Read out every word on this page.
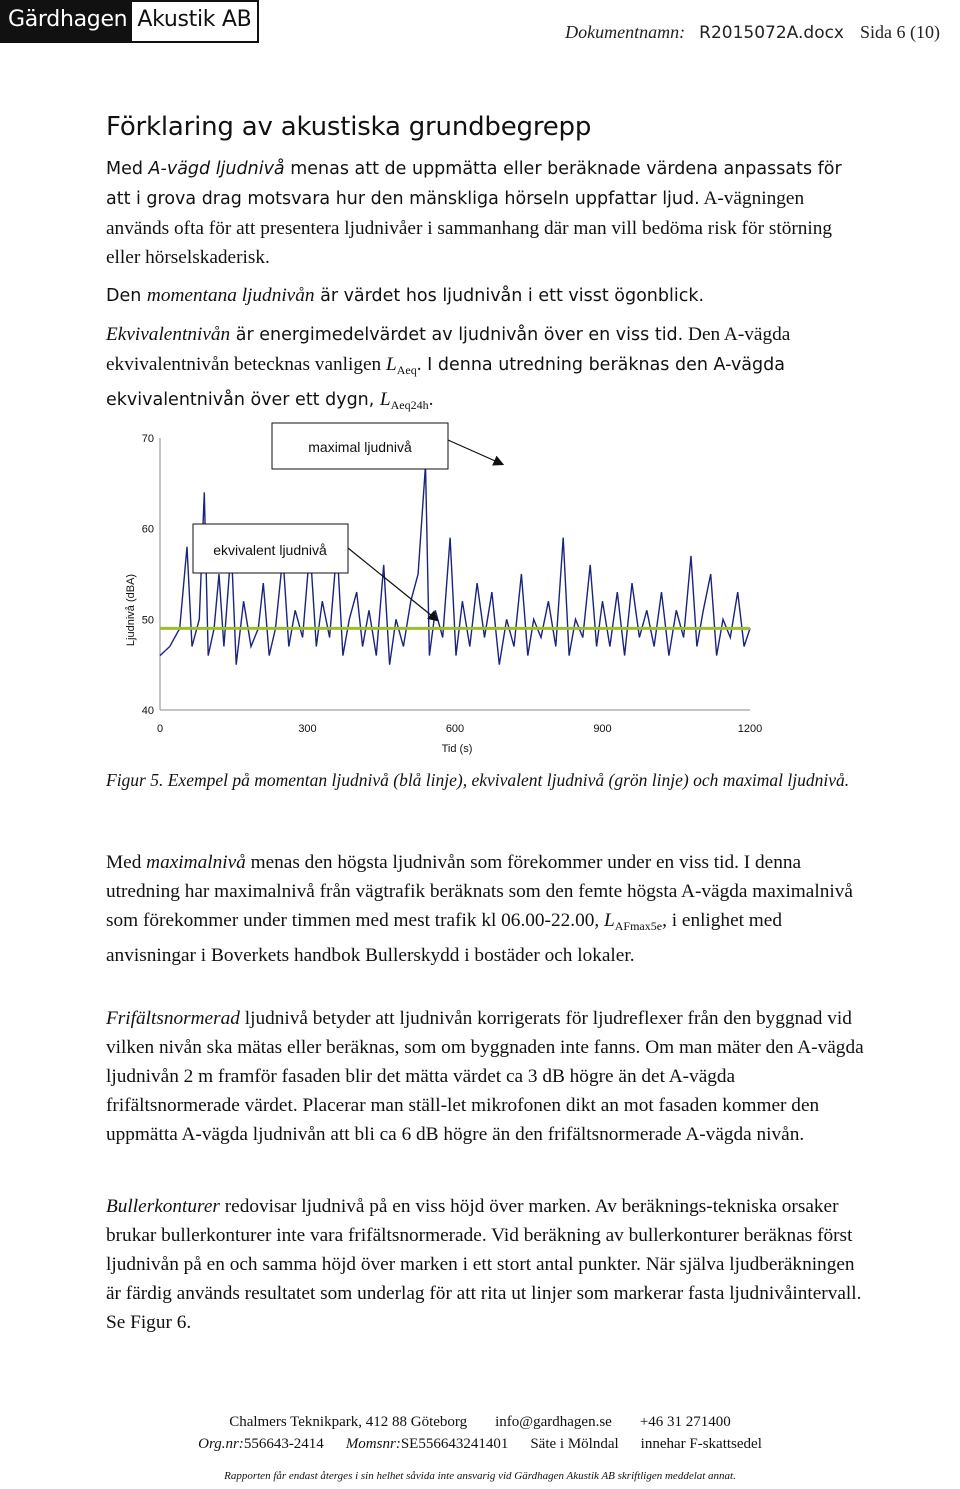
Gärdhagen Akustik AB	Dokumentnamn: R2015072A.docx Sida 6 (10)
Förklaring av akustiska grundbegrepp
Med A-vägd ljudnivå menas att de uppmätta eller beräknade värdena anpassats för att i grova drag motsvara hur den mänskliga hörseln uppfattar ljud. A-vägningen används ofta för att presentera ljudnivåer i sammanhang där man vill bedöma risk för störning eller hörselskaderisk.
Den momentana ljudnivån är värdet hos ljudnivån i ett visst ögonblick.
Ekvivalentnivån är energimedelvärdet av ljudnivån över en viss tid. Den A-vägda ekvivalentnivån betecknas vanligen $L_{Aeq}$. I denna utredning beräknas den A-vägda ekvivalentnivån över ett dygn, $L_{Aeq24h}$.
40
50
60
70
0	300	600	900	1200
Ljudnivå (dBA)
Tid (s)
maximal ljudnivå
ekvivalent ljudnivå
Figur 5. Exempel på momentan ljudnivå (blå linje), ekvivalent ljudnivå (grön linje) och maximal ljudnivå.
Med maximalnivå menas den högsta ljudnivån som förekommer under en viss tid. I denna utredning har maximalnivå från vägtrafik beräknats som den femte högsta A-vägda maximalnivå som förekommer under timmen med mest trafik kl 06.00-22.00, $L_{AFmax5e}$, i enlighet med anvisningar i Boverkets handbok Bullerskydd i bostäder och lokaler.
Frifältsnormerad ljudnivå betyder att ljudnivån korrigerats för ljudreflexer från den byggnad vid vilken nivån ska mätas eller beräknas, som om byggnaden inte fanns. Om man mäter den A-vägda ljudnivån 2 m framför fasaden blir det mätta värdet ca 3 dB högre än det A-vägda frifältsnormerade värdet. Placerar man ställ-let mikrofonen dikt an mot fasaden kommer den uppmätta A-vägda ljudnivån att bli ca 6 dB högre än den frifältsnormerade A-vägda nivån.
Bullerkonturer redovisar ljudnivå på en viss höjd över marken. Av beräknings-tekniska orsaker brukar bullerkonturer inte vara frifältsnormerade. Vid beräkning av bullerkonturer beräknas först ljudnivån på en och samma höjd över marken i ett stort antal punkter. När själva ljudberäkningen är färdig används resultatet som underlag för att rita ut linjer som markerar fasta ljudnivåintervall. Se Figur 6.
Chalmers Teknikpark, 412 88 Göteborg info@gardhagen.se +46 31 271400
Org.nr:556643-2414 Momsnr:SE556643241401 Säte i Mölndal innehar F-skattsedel
Rapporten får endast återges i sin helhet såvida inte ansvarig vid Gärdhagen Akustik AB skriftligen meddelat annat.
